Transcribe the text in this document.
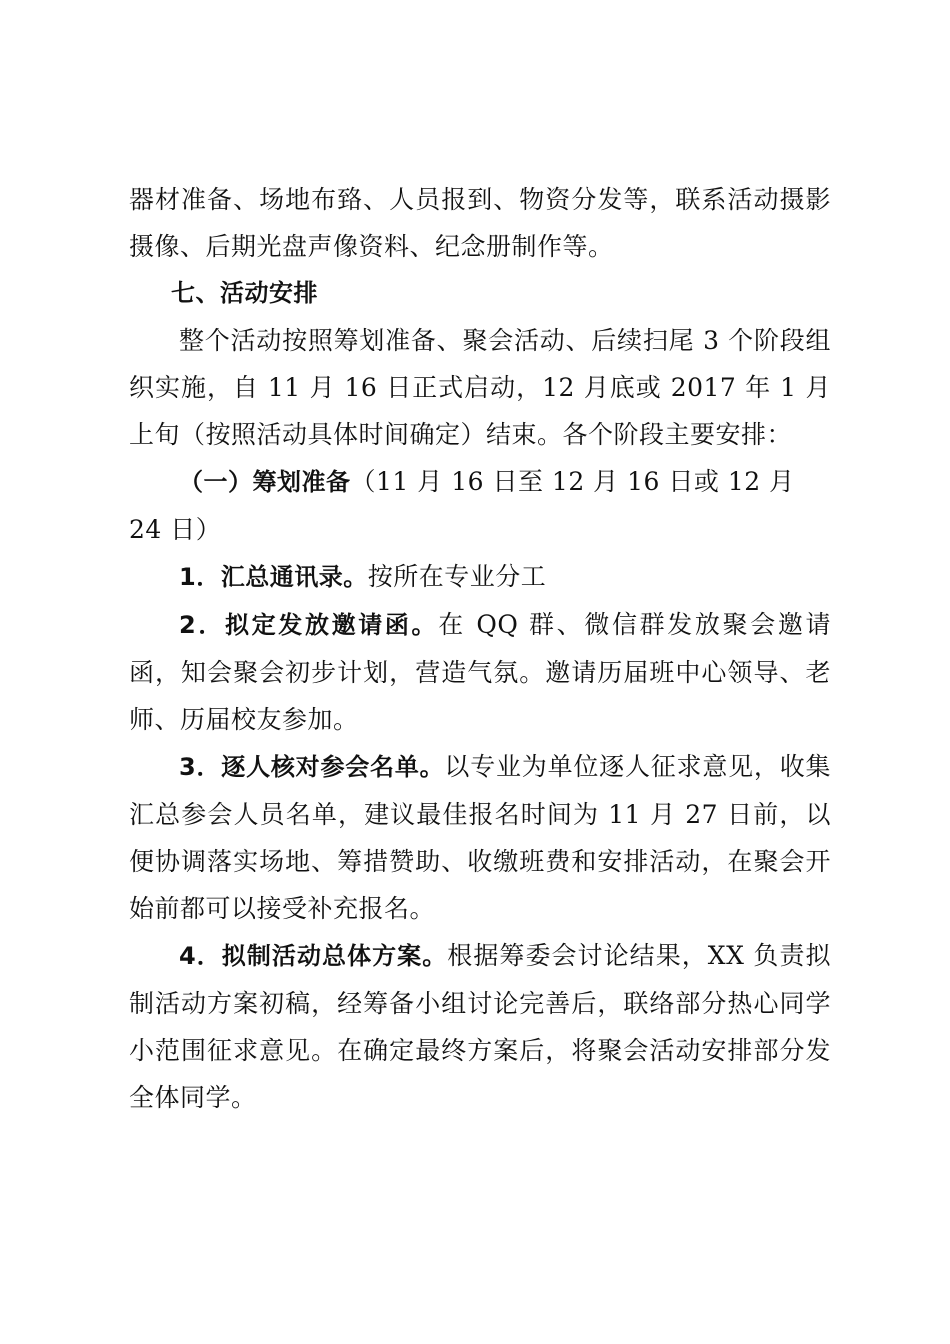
器材准备、场地布臵、人员报到、物资分发等，联系活动摄影摄像、后期光盘声像资料、纪念册制作等。

七、活动安排

整个活动按照筹划准备、聚会活动、后续扫尾 3 个阶段组织实施，自 11 月 16 日正式启动，12 月底或 2017 年 1 月上旬（按照活动具体时间确定）结束。各个阶段主要安排：

（一）筹划准备（11 月 16 日至 12 月 16 日或 12 月 24 日）

1．汇总通讯录。按所在专业分工

2．拟定发放邀请函。在 QQ 群、微信群发放聚会邀请函，知会聚会初步计划，营造气氛。邀请历届班中心领导、老师、历届校友参加。

3．逐人核对参会名单。以专业为单位逐人征求意见，收集汇总参会人员名单，建议最佳报名时间为 11 月 27 日前，以便协调落实场地、筹措赞助、收缴班费和安排活动，在聚会开始前都可以接受补充报名。

4．拟制活动总体方案。根据筹委会讨论结果，XX 负责拟制活动方案初稿，经筹备小组讨论完善后，联络部分热心同学小范围征求意见。在确定最终方案后，将聚会活动安排部分发全体同学。
